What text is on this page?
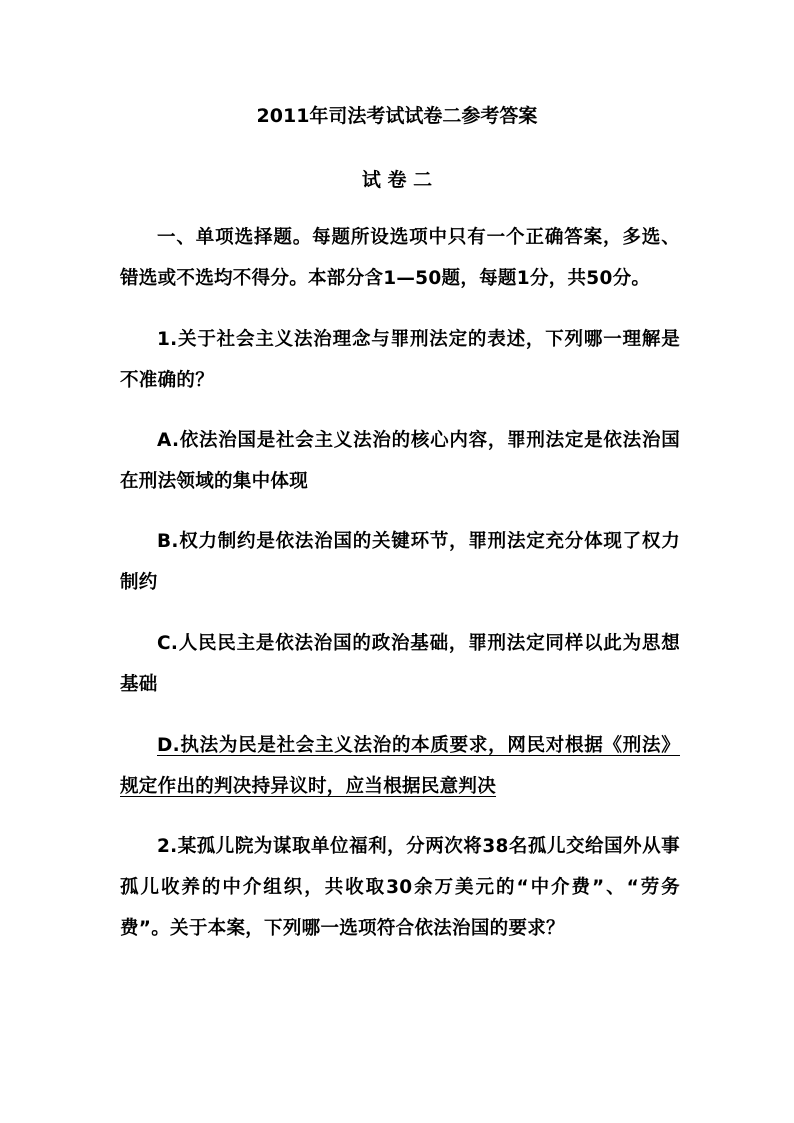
2011年司法考试试卷二参考答案
试 卷 二

一、单项选择题。每题所设选项中只有一个正确答案，多选、错选或不选均不得分。本部分含1—50题，每题1分，共50分。

1.关于社会主义法治理念与罪刑法定的表述，下列哪一理解是不准确的？

A.依法治国是社会主义法治的核心内容，罪刑法定是依法治国在刑法领域的集中体现

B.权力制约是依法治国的关键环节，罪刑法定充分体现了权力制约

C.人民民主是依法治国的政治基础，罪刑法定同样以此为思想基础

D.执法为民是社会主义法治的本质要求，网民对根据《刑法》规定作出的判决持异议时，应当根据民意判决

2.某孤儿院为谋取单位福利，分两次将38名孤儿交给国外从事孤儿收养的中介组织，共收取30余万美元的“中介费”、“劳务费”。关于本案，下列哪一选项符合依法治国的要求？
